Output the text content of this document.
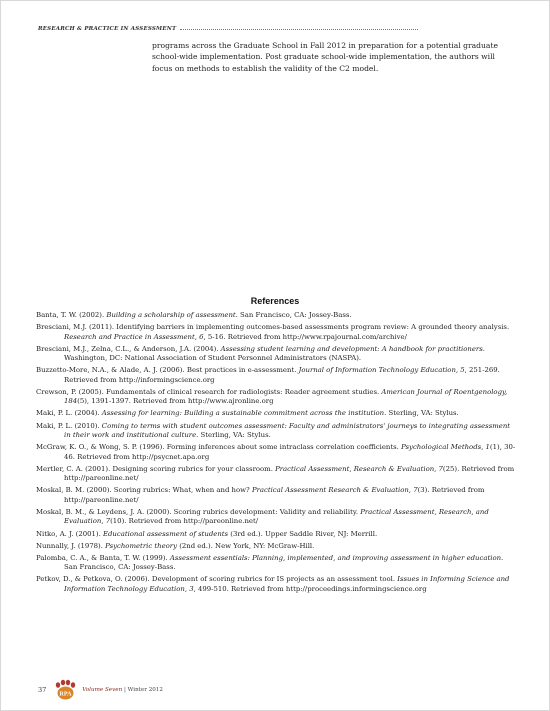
RESEARCH & PRACTICE IN ASSESSMENT
programs across the Graduate School in Fall 2012 in preparation for a potential graduate school-wide implementation. Post graduate school-wide implementation, the authors will focus on methods to establish the validity of the C2 model.
References
Banta, T. W. (2002). Building a scholarship of assessment. San Francisco, CA: Jossey-Bass.
Bresciani, M.J. (2011). Identifying barriers in implementing outcomes-based assessments program review: A grounded theory analysis. Research and Practice in Assessment, 6, 5-16. Retrieved from http://www.rpajournal.com/archive/
Bresciani, M.J., Zelna, C.L., & Anderson, J.A. (2004). Assessing student learning and development: A handbook for practitioners. Washington, DC: National Association of Student Personnel Administrators (NASPA).
Buzzetto-More, N.A., & Alade, A. J. (2006). Best practices in e-assessment. Journal of Information Technology Education, 5, 251-269. Retrieved from http://informingscience.org
Crewson, P. (2005). Fundamentals of clinical research for radiologists: Reader agreement studies. American Journal of Roentgenology, 184(5), 1391-1397. Retrieved from http://www.ajronline.org
Maki, P. L. (2004). Assessing for learning: Building a sustainable commitment across the institution. Sterling, VA: Stylus.
Maki, P. L. (2010). Coming to terms with student outcomes assessment: Faculty and administrators' journeys to integrating assessment in their work and institutional culture. Sterling, VA: Stylus.
McGraw, K. O., & Wong, S. P. (1996). Forming inferences about some intraclass correlation coefficients. Psychological Methods, 1(1), 30-46. Retrieved from http://psycnet.apa.org
Mertler, C. A. (2001). Designing scoring rubrics for your classroom. Practical Assessment, Research & Evaluation, 7(25). Retrieved from http://pareonline.net/
Moskal, B. M. (2000). Scoring rubrics: What, when and how? Practical Assessment Research & Evaluation, 7(3). Retrieved from http://pareonline.net/
Moskal, B. M., & Leydens, J. A. (2000). Scoring rubrics development: Validity and reliability. Practical Assessment, Research, and Evaluation, 7(10). Retrieved from http://pareonline.net/
Nitko, A. J. (2001). Educational assessment of students (3rd ed.). Upper Saddle River, NJ: Merrill.
Nunnally, J. (1978). Psychometric theory (2nd ed.). New York, NY: McGraw-Hill.
Palomba, C. A., & Banta, T. W. (1999). Assessment essentials: Planning, implemented, and improving assessment in higher education. San Francisco, CA: Jossey-Bass.
Petkov, D., & Petkova, O. (2006). Development of scoring rubrics for IS projects as an assessment tool. Issues in Informing Science and Information Technology Education, 3, 499-510. Retrieved from http://proceedings.informingscience.org
37
RPA
Volume Seven | Winter 2012
